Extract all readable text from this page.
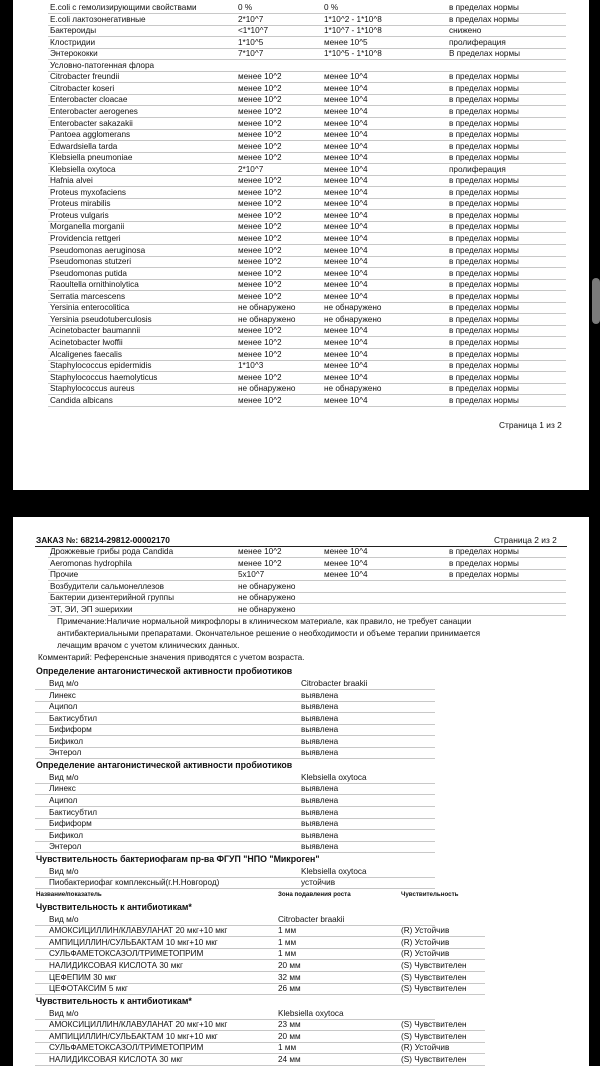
E.coli с гемолизирующими свойствами	0 %	0 %	в пределах нормы
E.coli лактозонегативные	2*10^7	1*10^2 - 1*10^8	в пределах нормы
Бактероиды	<1*10^7	1*10^7 - 1*10^8	снижено
Клостридии	1*10^5	менее 10^5	пролиферация
Энтерококки	7*10^7	1*10^5 - 1*10^8	В пределах нормы
Условно-патогенная флора
Citrobacter freundii	менее 10^2	менее 10^4	в пределах нормы
Citrobacter koseri	менее 10^2	менее 10^4	в пределах нормы
Enterobacter cloacae	менее 10^2	менее 10^4	в пределах нормы
Enterobacter aerogenes	менее 10^2	менее 10^4	в пределах нормы
Enterobacter sakazakii	менее 10^2	менее 10^4	в пределах нормы
Pantoea agglomerans	менее 10^2	менее 10^4	в пределах нормы
Edwardsiella tarda	менее 10^2	менее 10^4	в пределах нормы
Klebsiella pneumoniae	менее 10^2	менее 10^4	в пределах нормы
Klebsiella oxytoca	2*10^7	менее 10^4	пролиферация
Hafnia alvei	менее 10^2	менее 10^4	в пределах нормы
Proteus myxofaciens	менее 10^2	менее 10^4	в пределах нормы
Proteus mirabilis	менее 10^2	менее 10^4	в пределах нормы
Proteus vulgaris	менее 10^2	менее 10^4	в пределах нормы
Morganella morganii	менее 10^2	менее 10^4	в пределах нормы
Providencia rettgeri	менее 10^2	менее 10^4	в пределах нормы
Pseudomonas aeruginosa	менее 10^2	менее 10^4	в пределах нормы
Pseudomonas stutzeri	менее 10^2	менее 10^4	в пределах нормы
Pseudomonas putida	менее 10^2	менее 10^4	в пределах нормы
Raoultella ornithinolytica	менее 10^2	менее 10^4	в пределах нормы
Serratia marcescens	менее 10^2	менее 10^4	в пределах нормы
Yersinia enterocolitica	не обнаружено	не обнаружено	в пределах нормы
Yersinia pseudotuberculosis	не обнаружено	не обнаружено	в пределах нормы
Acinetobacter baumannii	менее 10^2	менее 10^4	в пределах нормы
Acinetobacter lwoffii	менее 10^2	менее 10^4	в пределах нормы
Alcaligenes faecalis	менее 10^2	менее 10^4	в пределах нормы
Staphylococcus epidermidis	1*10^3	менее 10^4	в пределах нормы
Staphylococcus haemolyticus	менее 10^2	менее 10^4	в пределах нормы
Staphylococcus aureus	не обнаружено	не обнаружено	в пределах нормы
Candida albicans	менее 10^2	менее 10^4	в пределах нормы
Страница 1 из 2
ЗАКАЗ №: 68214-29812-00002170	Страница 2 из 2
Дрожжевые грибы рода Candida	менее 10^2	менее 10^4	в пределах нормы
Aeromonas hydrophila	менее 10^2	менее 10^4	в пределах нормы
Прочие	5x10^7	менее 10^4	в пределах нормы
Возбудители сальмонеллезов	не обнаружено
Бактерии дизентерийной группы	не обнаружено
ЭТ, ЭИ, ЭП эшерихии	не обнаружено
Примечание:Наличие нормальной микрофлоры в клиническом материале, как правило, не требует санации
антибактериальными препаратами. Окончательное решение о необходимости и объеме терапии принимается
лечащим врачом с учетом клинических данных.
Комментарий: Референсные значения приводятся с учетом возраста.
Определение антагонистической активности пробиотиков
Вид м/о	Citrobacter braakii
Линекс	выявлена
Аципол	выявлена
Бактисубтил	выявлена
Бифиформ	выявлена
Бификол	выявлена
Энтерол	выявлена
Определение антагонистической активности пробиотиков
Вид м/о	Klebsiella oxytoca
Линекс	выявлена
Аципол	выявлена
Бактисубтил	выявлена
Бифиформ	выявлена
Бификол	выявлена
Энтерол	выявлена
Чувствительность бактериофагам пр-ва ФГУП "НПО "Микроген"
Вид м/о	Klebsiella oxytoca
Пиобактериофаг комплексный(г.Н.Новгород)	устойчив
Название/показатель	Зона подавления роста	Чувствительность
Чувствительность к антибиотикам*
Вид м/о	Citrobacter braakii
АМОКСИЦИЛЛИН/КЛАВУЛАНАТ 20 мкг+10 мкг	1 мм	(R) Устойчив
АМПИЦИЛЛИН/СУЛЬБАКТАМ 10 мкг+10 мкг	1 мм	(R) Устойчив
СУЛЬФАМЕТОКСАЗОЛ/ТРИМЕТОПРИМ	1 мм	(R) Устойчив
НАЛИДИКСОВАЯ КИСЛОТА 30 мкг	20 мм	(S) Чувствителен
ЦЕФЕПИМ 30 мкг	32 мм	(S) Чувствителен
ЦЕФОТАКСИМ 5 мкг	26 мм	(S) Чувствителен
Чувствительность к антибиотикам*
Вид м/о	Klebsiella oxytoca
АМОКСИЦИЛЛИН/КЛАВУЛАНАТ 20 мкг+10 мкг	23 мм	(S) Чувствителен
АМПИЦИЛЛИН/СУЛЬБАКТАМ 10 мкг+10 мкг	20 мм	(S) Чувствителен
СУЛЬФАМЕТОКСАЗОЛ/ТРИМЕТОПРИМ	1 мм	(R) Устойчив
НАЛИДИКСОВАЯ КИСЛОТА 30 мкг	24 мм	(S) Чувствителен
